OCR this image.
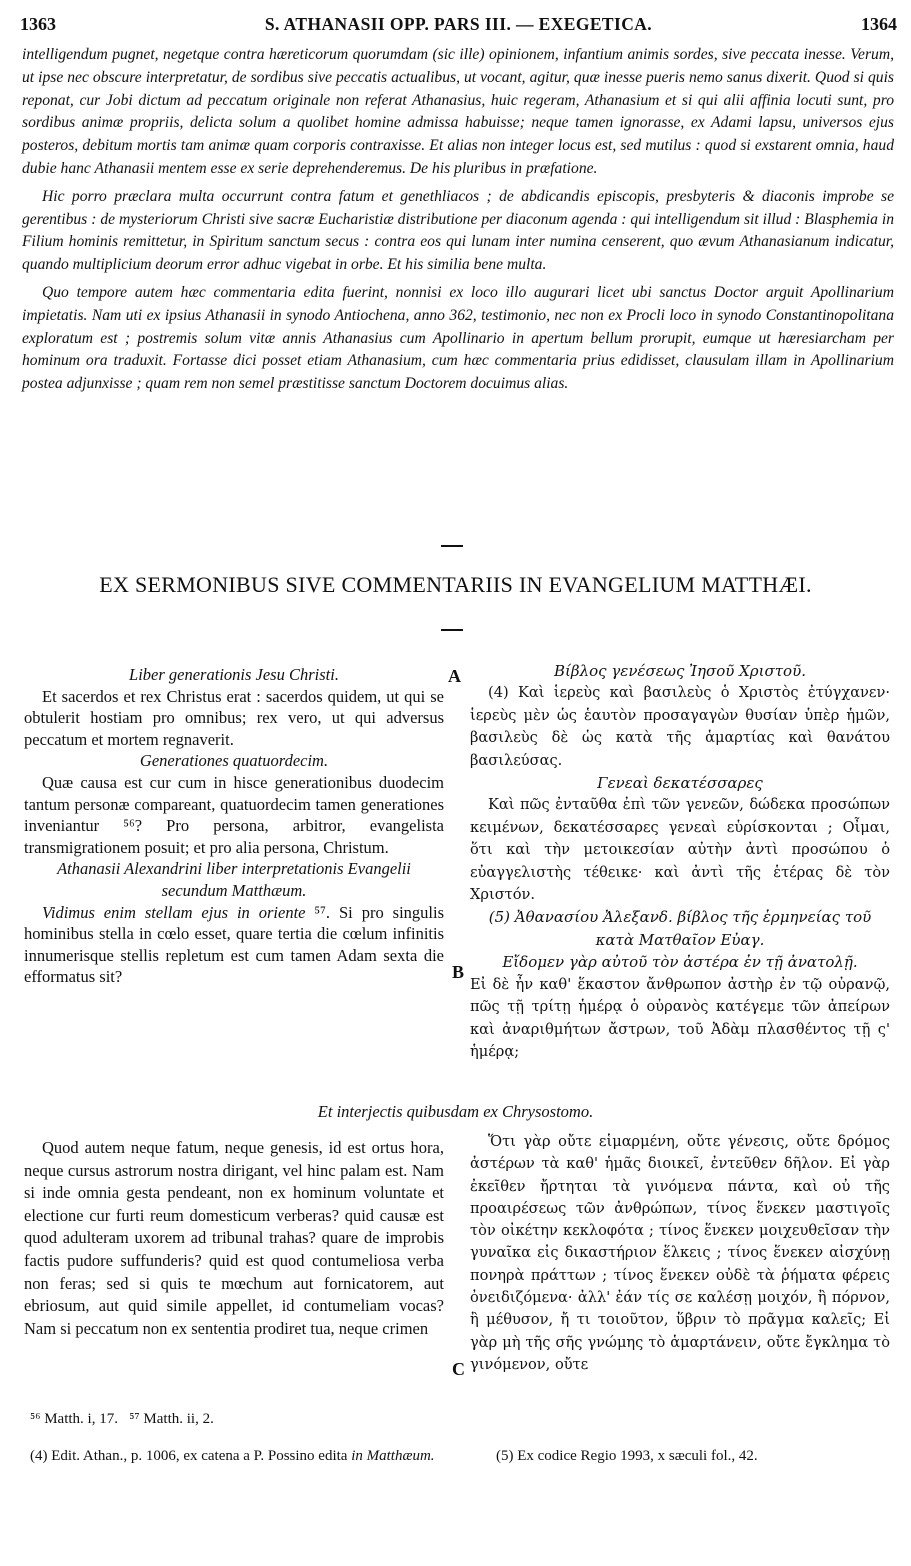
1363	S. ATHANASII OPP. PARS III. — EXEGETICA.	1364

intelligendum pugnet, negetque contra hæreticorum quorumdam (sic ille) opinionem, infantium animis sordes, sive peccata inesse. Verum, ut ipse nec obscure interpretatur, de sordibus sive peccatis actualibus, ut vocant, agitur, quæ inesse pueris nemo sanus dixerit. Quod si quis reponat, cur Jobi dictum ad peccatum originale non referat Athanasius, huic regeram, Athanasium et si qui alii affinia locuti sunt, pro sordibus animæ propriis, delicta solum a quolibet homine admissa habuisse; neque tamen ignorasse, ex Adami lapsu, universos ejus posteros, debitum mortis tam animæ quam corporis contraxisse. Et alias non integer locus est, sed mutilus : quod si exstarent omnia, haud dubie hanc Athanasii mentem esse ex serie deprehenderemus. De his pluribus in præfatione.

Hic porro præclara multa occurrunt contra fatum et genethliacos ; de abdicandis episcopis, presbyteris & diaconis improbe se gerentibus : de mysteriorum Christi sive sacræ Eucharistiæ distributione per diaconum agenda : qui intelligendum sit illud : Blasphemia in Filium hominis remittetur, in Spiritum sanctum secus : contra eos qui lunam inter numina censerent, quo ævum Athanasianum indicatur, quando multiplicium deorum error adhuc vigebat in orbe. Et his similia bene multa.

Quo tempore autem hæc commentaria edita fuerint, nonnisi ex loco illo augurari licet ubi sanctus Doctor arguit Apollinarium impietatis. Nam uti ex ipsius Athanasii in synodo Antiochena, anno 362, testimonio, nec non ex Procli loco in synodo Constantinopolitana exploratum est ; postremis solum vitæ annis Athanasius cum Apollinario in apertum bellum prorupit, eumque ut hæresiarcham per hominum ora traduxit. Fortasse dici posset etiam Athanasium, cum hæc commentaria prius edidisset, clausulam illam in Apollinarium postea adjunxisse ; quam rem non semel præstitisse sanctum Doctorem docuimus alias.

EX SERMONIBUS SIVE COMMENTARIIS IN EVANGELIUM MATTHÆI.

Liber generationis Jesu Christi.

Et sacerdos et rex Christus erat : sacerdos quidem, ut qui se obtulerit hostiam pro omnibus; rex vero, ut qui adversus peccatum et mortem regnaverit.

Generationes quatuordecim.

Quæ causa est cur cum in hisce generationibus duodecim tantum personæ compareant, quatuordecim tamen generationes inveniantur ⁵⁶? Pro persona, arbitror, evangelista transmigrationem posuit; et pro alia persona, Christum.

Athanasii Alexandrini liber interpretationis Evangelii secundum Matthæum.

Vidimus enim stellam ejus in oriente ⁵⁷. Si pro singulis hominibus stella in cœlo esset, quare tertia die cœlum infinitis innumerisque stellis repletum est cum tamen Adam sexta die efformatus sit?

A
B
C

Βίβλος γενέσεως Ἰησοῦ Χριστοῦ.

(4) Καὶ ἱερεὺς καὶ βασιλεὺς ὁ Χριστὸς ἐτύγχανεν· ἱερεὺς μὲν ὡς ἑαυτὸν προσαγαγὼν θυσίαν ὑπὲρ ἡμῶν, βασιλεὺς δὲ ὡς κατὰ τῆς ἁμαρτίας καὶ θανάτου βασιλεύσας.

Γενεαὶ δεκατέσσαρες

Καὶ πῶς ἐνταῦθα ἐπὶ τῶν γενεῶν, δώδεκα προσώπων κειμένων, δεκατέσσαρες γενεαὶ εὑρίσκονται ; Οἶμαι, ὅτι καὶ τὴν μετοικεσίαν αὐτὴν ἀντὶ προσώπου ὁ εὐαγγελιστὴς τέθεικε· καὶ ἀντὶ τῆς ἑτέρας δὲ τὸν Χριστόν.

(5) Ἀθανασίου Ἀλεξανδ. βίβλος τῆς ἑρμηνείας τοῦ κατὰ Ματθαῖον Εὐαγ.

Εἴδομεν γὰρ αὐτοῦ τὸν ἀστέρα ἐν τῇ ἀνατολῇ.

Εἰ δὲ ἦν καθ' ἕκαστον ἄνθρωπον ἀστὴρ ἐν τῷ οὐρανῷ, πῶς τῇ τρίτῃ ἡμέρᾳ ὁ οὐρανὸς κατέγεμε τῶν ἀπείρων καὶ ἀναριθμήτων ἄστρων, τοῦ Ἀδὰμ πλασθέντος τῇ ς' ἡμέρᾳ;

Et interjectis quibusdam ex Chrysostomo.

Quod autem neque fatum, neque genesis, id est ortus hora, neque cursus astrorum nostra dirigant, vel hinc palam est. Nam si inde omnia gesta pendeant, non ex hominum voluntate et electione cur furti reum domesticum verberas? quid causæ est quod adulteram uxorem ad tribunal trahas? quare de improbis factis pudore suffunderis? quid est quod contumeliosa verba non feras; sed si quis te mœchum aut fornicatorem, aut ebriosum, aut quid simile appellet, id contumeliam vocas? Nam si peccatum non ex sententia prodiret tua, neque crimen

Ὅτι γὰρ οὔτε εἱμαρμένη, οὔτε γένεσις, οὔτε δρόμος ἀστέρων τὰ καθ' ἡμᾶς διοικεῖ, ἐντεῦθεν δῆλον. Εἰ γὰρ ἐκεῖθεν ἤρτηται τὰ γινόμενα πάντα, καὶ οὐ τῆς προαιρέσεως τῶν ἀνθρώπων, τίνος ἕνεκεν μαστιγοῖς τὸν οἰκέτην κεκλοφότα ; τίνος ἕνεκεν μοιχευθεῖσαν τὴν γυναῖκα εἰς δικαστήριον ἕλκεις ; τίνος ἕνεκεν αἰσχύνῃ πονηρὰ πράττων ; τίνος ἕνεκεν οὐδὲ τὰ ῥήματα φέρεις ὀνειδιζόμενα· ἀλλ' ἐάν τίς σε καλέσῃ μοιχόν, ἢ πόρνον, ἢ μέθυσον, ἤ τι τοιοῦτον, ὕβριν τὸ πρᾶγμα καλεῖς; Εἰ γὰρ μὴ τῆς σῆς γνώμης τὸ ἁμαρτάνειν, οὔτε ἔγκλημα τὸ γινόμενον, οὔτε

⁵⁶ Matth. i, 17.   ⁵⁷ Matth. ii, 2.
(4) Edit. Athan., p. 1006, ex catena a P. Possino edita in Matthæum.	(5) Ex codice Regio 1993, x sæculi fol., 42.
